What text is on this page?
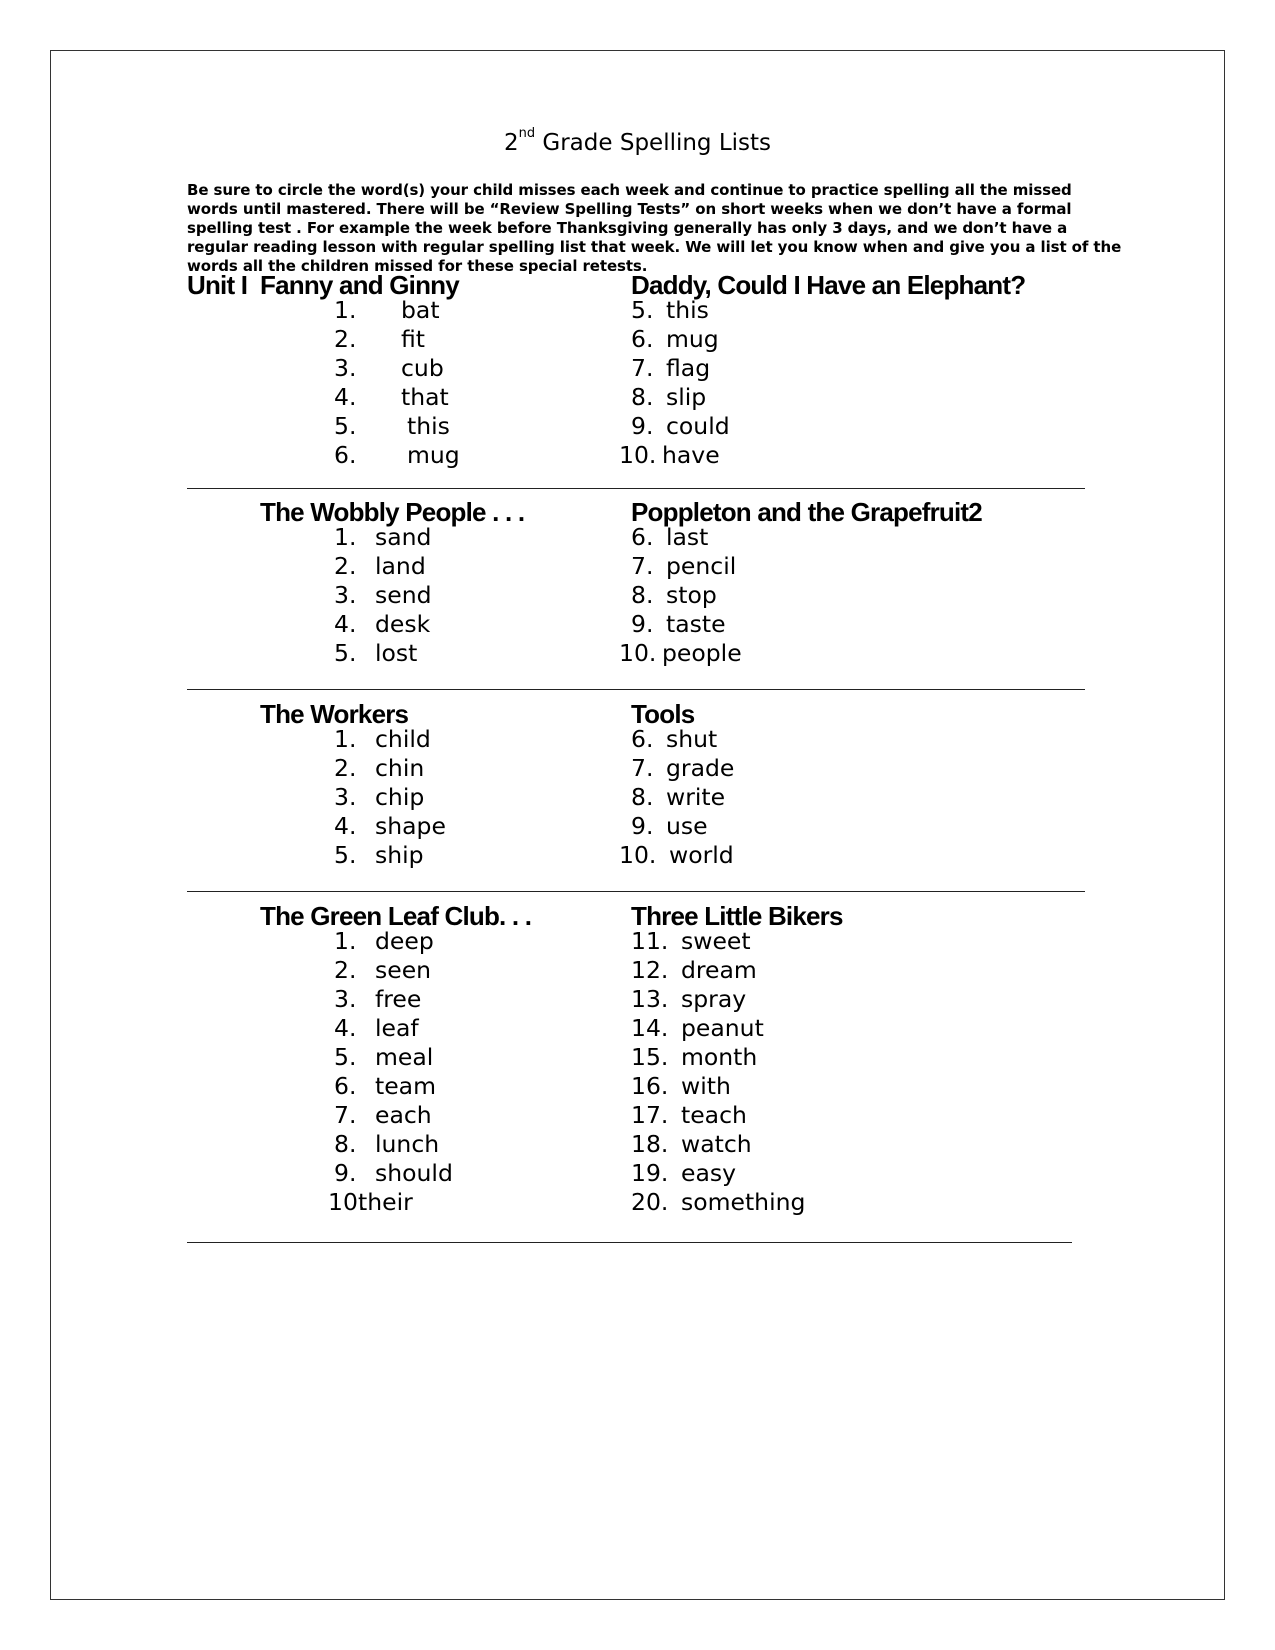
2nd Grade Spelling Lists

Be sure to circle the word(s) your child misses each week and continue to practice spelling all the missed

words until mastered. There will be “Review Spelling Tests” on short weeks when we don’t have a formal

spelling test . For example the week before Thanksgiving generally has only 3 days, and we don’t have a

regular reading lesson with regular spelling list that week. We will let you know when and give you a list of the

words all the children missed for these special retests.

Unit I Fanny and Ginny	Daddy, Could I Have an Elephant?
1. bat
2. fit
3. cub
4. that
5. this
6. mug
5. this
6. mug
7. flag
8. slip
9. could
10. have
The Wobbly People . . .	Poppleton and the Grapefruit2
1. sand
2. land
3. send
4. desk
5. lost
6. last
7. pencil
8. stop
9. taste
10. people
The Workers	Tools
1. child
2. chin
3. chip
4. shape
5. ship
6. shut
7. grade
8. write
9. use
10. world
The Green Leaf Club. . .	Three Little Bikers
1. deep
2. seen
3. free
4. leaf
5. meal
6. team
7. each
8. lunch
9. should
10.
their
11. sweet
12. dream
13. spray
14. peanut
15. month
16. with
17. teach
18. watch
19. easy
20. something
